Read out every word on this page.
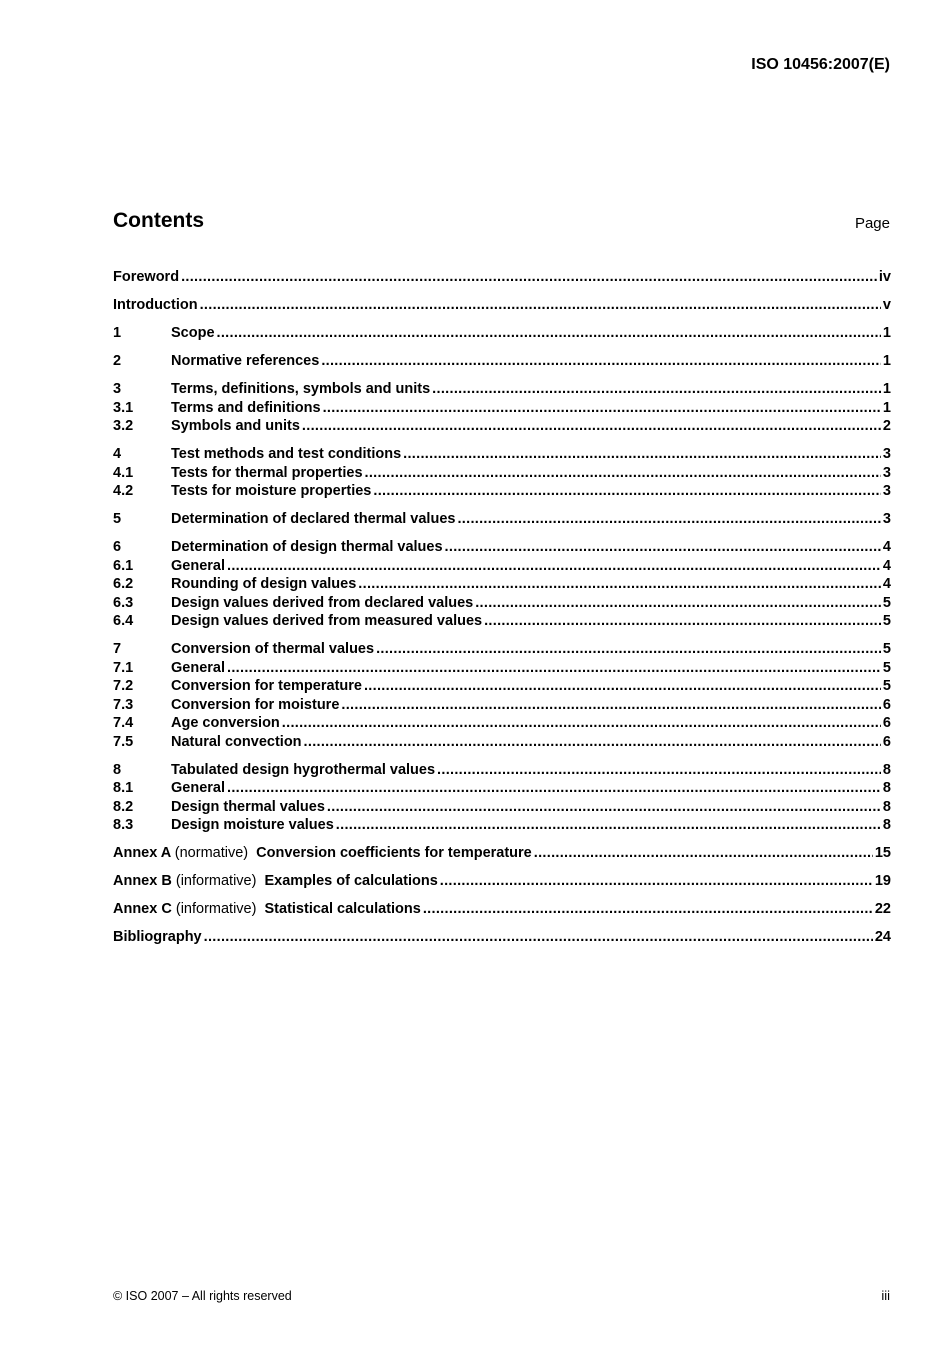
ISO 10456:2007(E)
Contents	Page
Foreword .....	iv
Introduction .....	v
1	Scope .....	1
2	Normative references .....	1
3	Terms, definitions, symbols and units .....	1
3.1	Terms and definitions .....	1
3.2	Symbols and units .....	2
4	Test methods and test conditions .....	3
4.1	Tests for thermal properties .....	3
4.2	Tests for moisture properties .....	3
5	Determination of declared thermal values .....	3
6	Determination of design thermal values .....	4
6.1	General .....	4
6.2	Rounding of design values .....	4
6.3	Design values derived from declared values .....	5
6.4	Design values derived from measured values .....	5
7	Conversion of thermal values .....	5
7.1	General .....	5
7.2	Conversion for temperature .....	5
7.3	Conversion for moisture .....	6
7.4	Age conversion .....	6
7.5	Natural convection .....	6
8	Tabulated design hygrothermal values .....	8
8.1	General .....	8
8.2	Design thermal values .....	8
8.3	Design moisture values .....	8
Annex A (normative) Conversion coefficients for temperature .....	15
Annex B (informative) Examples of calculations .....	19
Annex C (informative) Statistical calculations .....	22
Bibliography .....	24
© ISO 2007 – All rights reserved	iii
